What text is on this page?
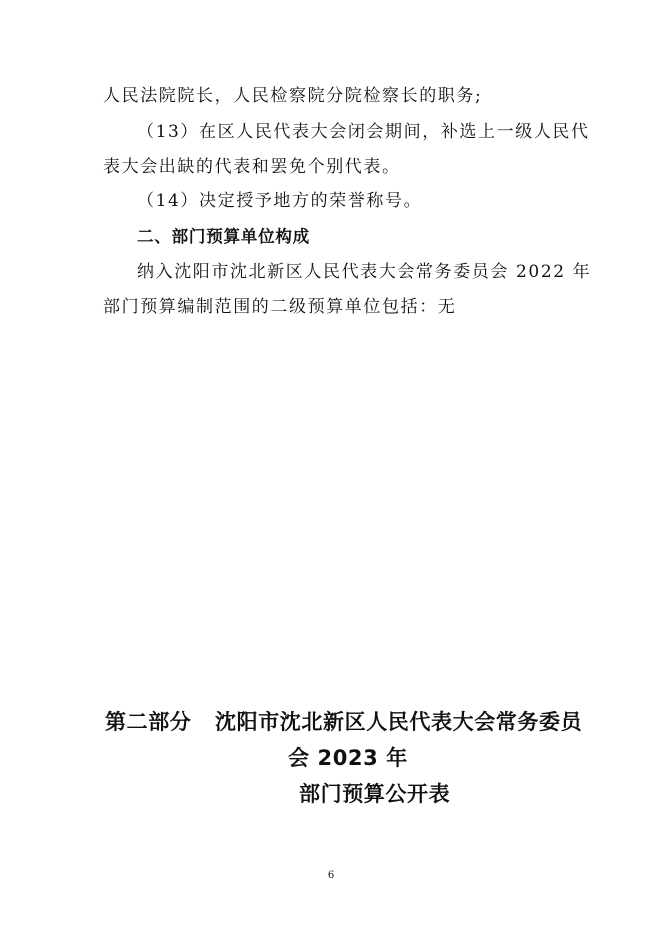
人民法院院长，人民检察院分院检察长的职务;
（13）在区人民代表大会闭会期间，补选上一级人民代
表大会出缺的代表和罢免个别代表。
（14）决定授予地方的荣誉称号。
二、部门预算单位构成
纳入沈阳市沈北新区人民代表大会常务委员会 2022 年
部门预算编制范围的二级预算单位包括：无
第二部分 沈阳市沈北新区人民代表大会常务委员
会 2023 年
部门预算公开表
6
